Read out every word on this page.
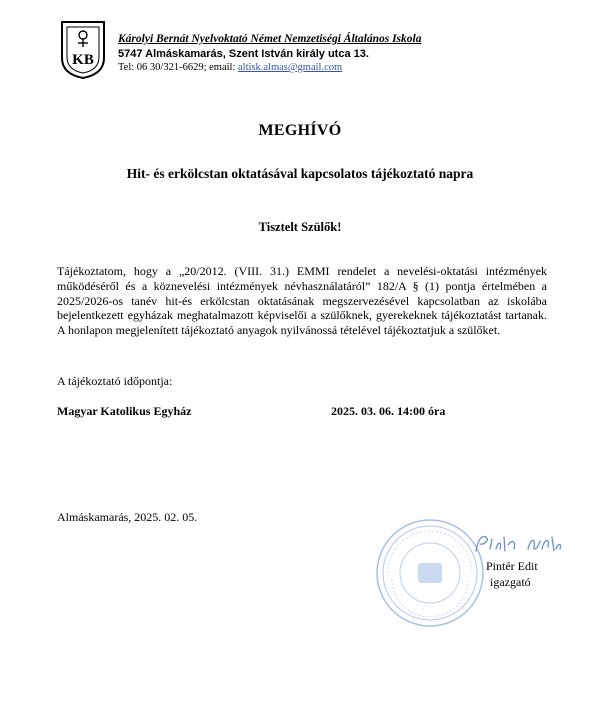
KB
Károlyi Bernát Nyelvoktató Német Nemzetiségi Általános Iskola
5747 Almáskamarás, Szent István király utca 13.
Tel: 06 30/321-6629; email: altisk.almas@gmail.com
MEGHÍVÓ
Hit- és erkölcstan oktatásával kapcsolatos tájékoztató napra
Tisztelt Szülők!
Tájékoztatom, hogy a „20/2012. (VIII. 31.) EMMI rendelet a nevelési-oktatási intézmények működéséről és a köznevelési intézmények névhasználatáról” 182/A § (1) pontja értelmében a 2025/2026-os tanév hit-és erkölcstan oktatásának megszervezésével kapcsolatban az iskolába bejelentkezett egyházak meghatalmazott képviselői a szülőknek, gyerekeknek tájékoztatást tartanak. A honlapon megjelenített tájékoztató anyagok nyilvánossá tételével tájékoztatjuk a szülőket.
A tájékoztató időpontja:
Magyar Katolikus Egyház	2025. 03. 06. 14:00 óra
Almáskamarás, 2025. 02. 05.
Pintér Edit
igazgató
